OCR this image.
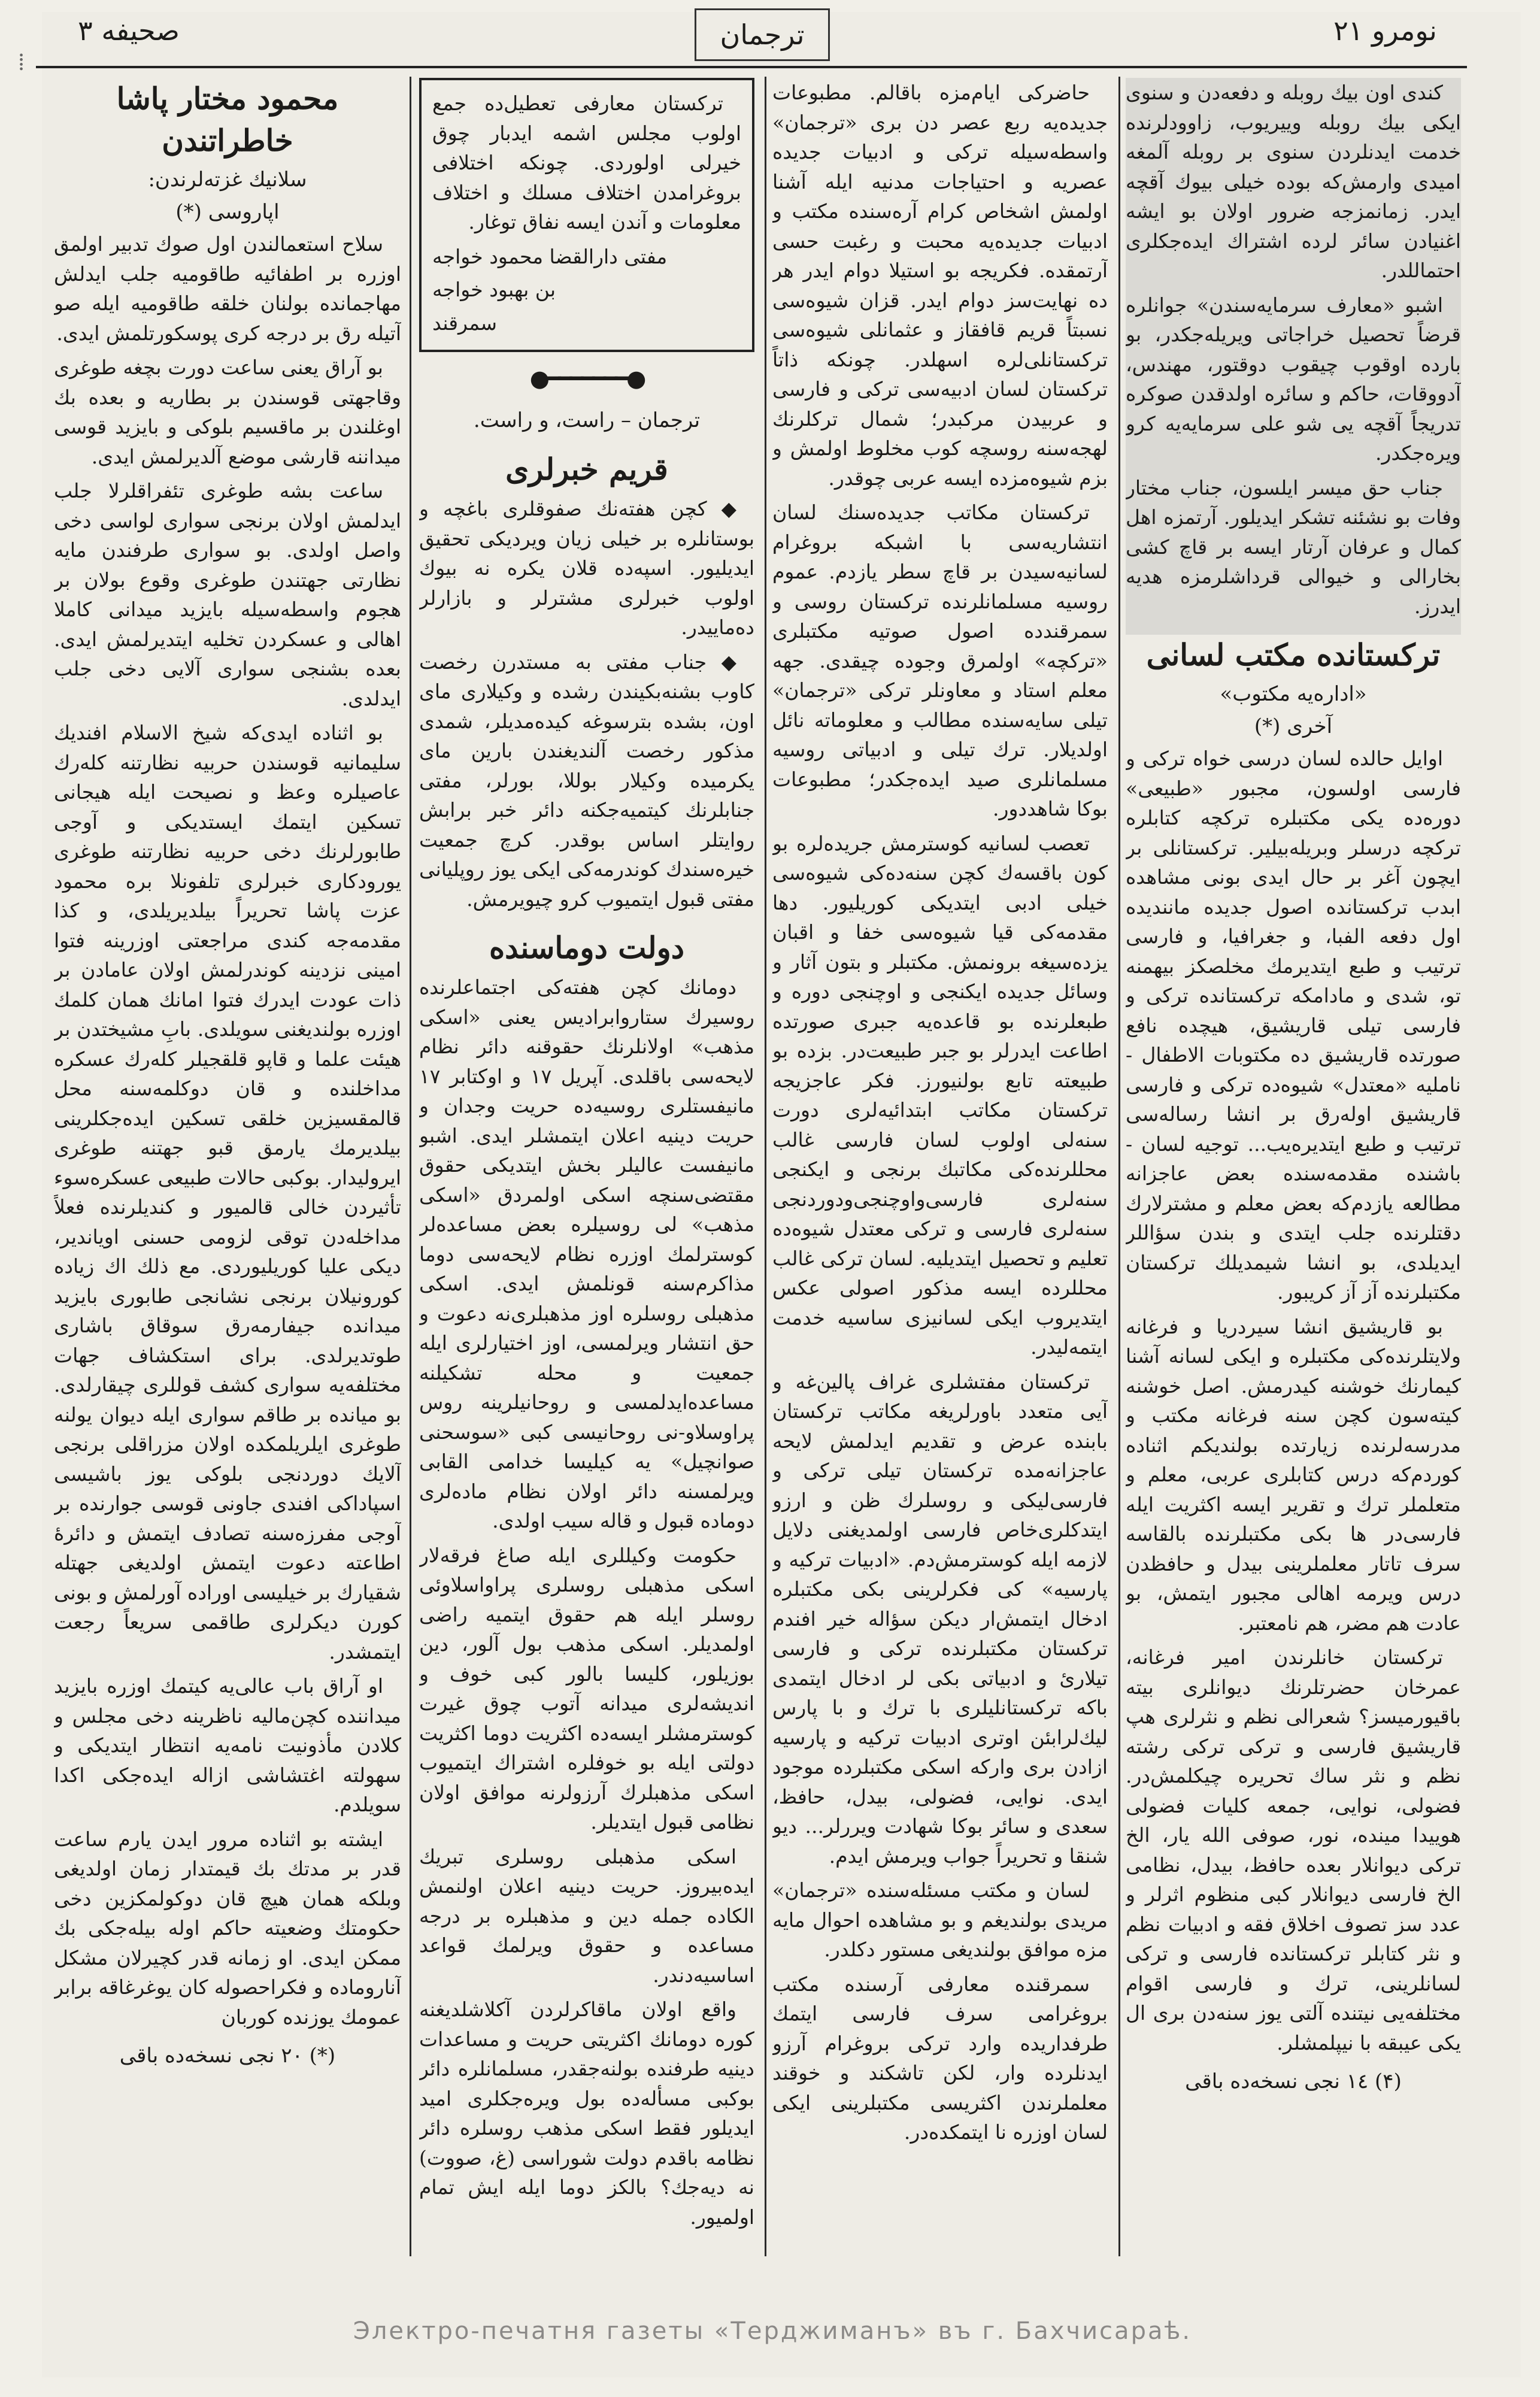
صحیفه ۳	ترجمان	نومرو ۲۱
⁞

کندی اون بیك روبله و دفعه‌دن و سنوی ایکی بیك روبله وییریوب، زاوودلرنده خدمت ایدنلردن سنوی بر روبله آلمغه امیدی وارمش‌که بوده خیلی بیوك آقچه ایدر. زمانمزجه ضرور اولان بو ایشه اغنیادن سائر لرده اشتراك ایده‌جکلری احتماللدر.

اشبو «معارف سرمایه‌سندن» جوانلره قرضاً تحصیل خراجاتی ویریله‌جکدر، بو بارده اوقوب چیقوب دوقتور، مهندس، آدووقات، حاکم و سائره اولدقدن صوکره تدریجاً آقچه یی شو علی سرمایه‌یه کرو ویره‌جکدر.

جناب حق میسر ایلسون، جناب مختار وفات بو نشئنه تشکر ایدیلور. آرتمزه اهل کمال و عرفان آرتار ایسه بر قاچ کشی بخارالی و خیوالی قرداشلرمزه هدیه ایدرز.

ترکستانده مکتب لسانی
«اداره‌یه مکتوب»
آخری (*)

اوایل حالده لسان درسی خواه ترکی و فارسی اولسون، مجبور «طبیعی» دوره‌ده یکی مکتبلره ترکچه کتابلره ترکچه درسلر وبریله‌بیلیر. ترکستانلی بر ایچون آغر بر حال ایدی بونی مشاهده ابدب ترکستانده اصول جدیده مانندیده اول دفعه الفبا، و جغرافیا، و فارسی ترتیب و طبع ایتدیرمك مخلصکز بیهمنه تو، شدی و مادامکه ترکستانده ترکی و فارسی تیلی قاریشیق، هیچده نافع صورتده قاریشیق ده مکتوبات الاطفال - ناملیه «معتدل» شیوه‌ده ترکی و فارسی قاریشیق اوله‌رق بر انشا رساله‌سی ترتیب و طبع ایتدیره‌یب... توجیه لسان - باشنده مقدمه‌سنده بعض عاجزانه مطالعه یازدم‌که بعض معلم و مشترلارك دقتلرنده جلب ایتدی و بندن سؤاللر ایدیلدی، بو انشا شیمدیلك ترکستان مکتبلرنده آز آز کریبور.

بو قاریشیق انشا سیردریا و فرغانه ولایتلرنده‌کی مکتبلره و ایکی لسانه آشنا کیمارنك خوشنه کیدرمش. اصل خوشنه کیته‌سون کچن سنه فرغانه مکتب و مدرسه‌لرنده زیارتده بولندیکم اثناده کوردم‌که درس کتابلری عربی، معلم و متعلملر ترك و تقریر ایسه اکثریت ایله فارسی‌در ها بکی مکتبلرنده بالقاسه سرف تاتار معلملرینی بیدل و حافظدن درس ویرمه اهالی مجبور ایتمش، بو عادت هم مضر، هم نامعتبر.

ترکستان خانلرندن امیر فرغانه، عمرخان حضرتلرنك دیوانلری بیته باقیورمیسز؟ شعرالی نظم و نثرلری هپ قاریشیق فارسی و ترکی ترکی رشته نظم و نثر ساك تحریره چیکلمش‌در. فضولی، نوایی، جمعه کلیات فضولی هوییدا مینده، نور، صوفی الله یار، الخ ترکی دیوانلار بعده حافظ، بیدل، نظامی الخ فارسی دیوانلار کبی منظوم اثرلر و عدد سز تصوف اخلاق فقه و ادبیات نظم و نثر کتابلر ترکستانده فارسی و ترکی لسانلرینی، ترك و فارسی اقوام مختلفه‌یی نیتنده آلتی یوز سنه‌دن بری ال یکی عیبقه با نیپلمشلر.

(۴) ١٤ نجی نسخه‌ده باقی

حاضرکی ایام‌مزه باقالم. مطبوعات جدیده‌یه ربع عصر دن بری «ترجمان» واسطه‌سیله ترکی و ادبیات جدیده عصریه و احتیاجات مدنیه ایله آشنا اولمش اشخاص کرام آره‌سنده مکتب و ادبیات جدیده‌یه محبت و رغبت حسی آرتمقده. فکریجه بو استیلا دوام ایدر هر ده نهایت‌سز دوام ایدر. قزان شیوه‌سی نسبتاً قریم قافقاز و عثمانلی شیوه‌سی ترکستانلی‌لره اسهلدر. چونکه ذاتاً ترکستان لسان ادبیه‌سی ترکی و فارسی و عربیدن مرکبدر؛ شمال ترکلرنك لهجه‌سنه روسچه کوب مخلوط اولمش و بزم شیوه‌مزده ایسه عربی چوقدر.

ترکستان مکاتب جدیده‌سنك لسان انتشاریه‌سی با اشبکه بروغرام لسانیه‌سیدن بر قاچ سطر یازدم. عموم روسیه مسلمانلرنده ترکستان روسی و سمرقند‌ده اصول صوتیه مکتبلری «ترکچه» اولمرق وجوده چیقدی. جهه معلم استاد و معاونلر ترکی «ترجمان» تیلی سایه‌سنده مطالب و معلوماته نائل اولدیلار. ترك تیلی و ادبیاتی روسیه مسلمانلری صید ایده‌جکدر؛ مطبوعات بوکا شاهددور.

تعصب لسانیه کوسترمش جریده‌لره بو کون باقسه‌ك کچن سنه‌ده‌کی شیوه‌سی خیلی ادبی ایتدیکی کوریلیور. دها مقدمه‌کی قیا شیوه‌سی خفا و اقبان یزده‌سیغه برونمش. مکتبلر و بتون آثار و وسائل جدیده ایکنجی و اوچنجی دوره و طبعلرنده بو قاعده‌یه جبری صورتده اطاعت ایدرلر بو جبر طبیعت‌در. بزده بو طبیعته تابع بولنیورز. فکر عاجزیجه ترکستان مکاتب ابتدائیه‌لری دورت سنه‌لی اولوب لسان فارسی غالب محللرنده‌کی مکاتبك برنجی و ایکنجی سنه‌لری فارسی‌واوچنجی‌ودوردنجی سنه‌لری فارسی و ترکی معتدل شیوه‌ده تعلیم و تحصیل ایتدیلیه. لسان ترکی غالب محللرده ایسه مذکور اصولی عکس ایتدیروب ایکی لسانیزی ساسیه خدمت ایتمه‌لیدر.

ترکستان مفتشلری غراف پالین‌غه و آیی متعدد باورلریغه مکاتب ترکستان بابنده عرض و تقدیم ایدلمش لایحه عاجزانه‌مده ترکستان تیلی ترکی و فارسی‌لیکی و روسلرك ظن و ارزو ایتدکلری‌خاص فارسی اولمدیغنی دلایل لازمه ایله کوسترمش‌دم. «ادبیات ترکیه و پارسیه» کی فکرلرینی بکی مکتبلره ادخال ایتمش‌ار دیکن سؤاله خیر افندم ترکستان مکتبلرنده ترکی و فارسی تیلارئ و ادبیاتی بکی لر ادخال ایتمدی باکه ترکستانلیلری با ترك و با پارس لیك‌لرابئن اوتری ادبیات ترکیه و پارسیه ازادن بری وارکه اسکی مکتبلرده موجود ایدی. نوایی، فضولی، بیدل، حافظ، سعدی و سائر بوکا شهادت ویررلر... دیو شنقا و تحریراً جواب ویرمش ایدم.

لسان و مکتب مسئله‌سنده «ترجمان» مریدی بولندیغم و بو مشاهده احوال مایه مزه موافق بولندیغی مستور دکلدر.

سمرقنده معارفی آرسنده مکتب بروغرامی سرف فارسی ایتمك طرفداریده وارد ترکی بروغرام آرزو ایدنلرده وار، لکن تاشکند و خوقند معلملرندن اکثریسی مکتبلرینی ایکی لسان اوزره نا ایتمکده‌در.

ترکستان معارفی تعطیل‌ده جمع اولوب مجلس اشمه ایدبار چوق خیرلی اولوردی. چونکه اختلافی بروغرامدن اختلاف مسلك و اختلاف معلومات و آندن ایسه نفاق توغار.

مفتی دارالقضا محمود خواجه
بن بهبود خواجه
سمرقند
●━━━━━━━●
ترجمان – راست، و راست.
قریم خبرلری

◆ کچن هفته‌نك صفوقلری باغچه و بوستانلره بر خیلی زیان ویردیکی تحقیق ایدیلیور. اسپه‌ده قلان یکره نه بیوك اولوب خبرلری مشترلر و بازارلر ده‌ماییدر.

◆ جناب مفتی به مستدرن رخصت کاوب بشنه‌بکیندن رشده و وکیلاری مای اون، بشده بترسوغه کیده‌مدیلر، شمدی مذکور رخصت آلندیغندن بارین مای یکرمیده وکیلار بوللا، بورلر، مفتی جنابلرنك کیتمیه‌جکنه دائر خبر برابش روایتلر اساس بوقدر. کرچ جمعیت خیره‌سندك کوندرمه‌کی ایکی یوز روپلیانی مفتی قبول ایتمیوب کرو چیویرمش.

دولت دوماسنده

دومانك کچن هفته‌کی اجتماعلرنده روسیرك ستاروابرادیس یعنی «اسکی مذهب» اولانلرنك حقوقنه دائر نظام لایحه‌سی باقلدی. آپریل ١٧ و اوکتابر ١٧ مانیفستلری روسیه‌ده حریت وجدان و حریت دینیه اعلان ایتمشلر ایدی. اشبو مانیفست عالیلر بخش ایتدیکی حقوق مقتضی‌سنچه اسکی اولمردق «اسکی مذهب» لی روسیلره بعض مساعده‌لر کوسترلمك اوزره نظام لایحه‌سی دوما مذاکرم‌سنه قونلمش ایدی. اسکی مذهبلی روسلره اوز مذهبلری‌نه دعوت و حق انتشار ویرلمسی، اوز اختیارلری ایله جمعیت و محله تشکیلنه مساعده‌ایدلمسی و روحانیلرینه روس پراوسلاو-نی روحانیسی کبی «سوسحنی صوانچیل» یه کیلیسا خدامی القابی ویرلمسنه دائر اولان نظام ماده‌لری دوماده قبول و قاله سیب اولدی.

حکومت وکیللری ایله صاغ فرقه‌لار اسکی مذهبلی روسلری پراواسلاوئی روسلر ایله هم حقوق ایتمیه راضی اولمدیلر. اسکی مذهب بول آلور، دین بوزیلور، کلیسا بالور کبی خوف و اندیشه‌لری میدانه آتوب چوق غیرت کوسترمشلر ایسه‌ده اکثریت دوما اکثریت دولتی ایله بو خوفلره اشتراك ایتمیوب اسکی مذهبلرك آرزولرنه موافق اولان نظامی قبول ایتدیلر.

اسکی مذهبلی روسلری تبریك ایده‌بیروز. حریت دینیه اعلان اولنمش الکاده جمله دین و مذهبلره بر درجه مساعده و حقوق ویرلمك قواعد اساسیه‌دندر.

واقع اولان ماقاکرلردن آکلاشلدیغنه کوره دومانك اکثریتی حریت و مساعدات دینیه طرفنده بولنه‌جقدر، مسلمانلره دائر بوکبی مسأله‌ده بول ویره‌جکلری امید ایدیلور فقط اسکی مذهب روسلره دائر نظامه باقدم دولت شوراسی (غ، صووت) نه دیه‌جك؟ بالکز دوما ایله ایش تمام اولمیور.

محمود مختار پاشا خاطراتندن
سلانیك غزته‌لرندن:
اپاروسی (*)

سلاح استعمالندن اول صوك تدبیر اولمق اوزره بر اطفائیه طاقومیه جلب ایدلش مهاجمانده بولنان خلقه طاقومیه ایله صو آتیله رق بر درجه کری پوسکورتلمش ایدی.

بو آراق یعنی ساعت دورت بچغه طوغری وقاجهتی قوسندن بر بطاریه و بعده بك اوغلندن بر ماقسیم بلوکی و بایزید قوسی میداننه قارشی موضع آلدیرلمش ایدی.

ساعت بشه طوغری تئفراقلرلا جلب ایدلمش اولان برنجی سواری لواسی دخی واصل اولدی. بو سواری طرفندن مایه نظارتی جهتندن طوغری وقوع بولان بر هجوم واسطه‌سیله بایزید میدانی کاملا اهالی و عسکردن تخلیه ایتدیرلمش ایدی. بعده بشنجی سواری آلایی دخی جلب ایدلدی.

بو اثناده ایدی‌که شیخ الاسلام افندیك سلیمانیه قوسندن حربیه نظارتنه کله‌رك عاصیلره وعظ و نصیحت ایله هیجانی تسکین ایتمك ایستدیکی و آوجی طابورلرنك دخی حربیه نظارتنه طوغری یورودکاری خبرلری تلفونلا بره محمود عزت پاشا تحریراً بیلدیریلدی، و کذا مقدمه‌جه کندی مراجعتی اوزرینه فتوا امینی نزدینه کوندرلمش اولان عامادن بر ذات عودت ایدرك فتوا امانك همان کلمك اوزره بولندیغنی سویلدی. بابِ مشیختدن بر هیئت علما و قاپو قلقجیلر کله‌رك عسکره مداخلنده و قان دوکلمه‌سنه محل قالمقسیزین خلقی تسکین ایده‌جکلرینی بیلدیرمك یارمق قبو جهتنه طوغری ایرولیدار. بوکبی حالات طبیعی عسکره‌سوء تأثیردن خالی قالمیور و کندیلرنده فعلاً مداخله‌دن توقی لزومی حسنی اویاندیر، دیکی علیا کوریلیوردی. مع ذلك اك زیاده کورونیلان برنجی نشانجی طابوری بایزید میدانده جیفارمه‌رق سوقاق باشاری طوتدیرلدی. برای استکشاف جهات مختلفه‌یه سواری کشف قوللری چیقارلدی. بو میانده بر طاقم سواری ایله دیوان یولنه طوغری ایلریلمکده اولان مزراقلی برنجی آلایك دوردنجی بلوکی یوز باشیسی اسپاداکی افندی جاونی قوسی جوارنده بر آوجی مفرزه‌سنه تصادف ایتمش و دائرهٔ اطاعته دعوت ایتمش اولدیغی جهتله شقیارك بر خیلیسی اوراده آورلمش و بونی کورن دیکرلری طاقمی سریعاً رجعت ایتمشدر.

او آراق باب عالی‌یه کیتمك اوزره بایزید میداننده کچن‌مالیه ناظرینه دخی مجلس و کلادن مأذونیت نامه‌یه انتظار ایتدیکی و سهولته اغتشاشی ازاله ایده‌جکی اکدا سویلدم.

ایشته بو اثناده مرور ایدن یارم ساعت قدر بر مدتك بك قیمتدار زمان اولدیغی وبلکه همان هیچ قان دوکولمکزین دخی حکومتك وضعیته حاکم اوله بیله‌جکی بك ممکن ایدی. او زمانه قدر کچیرلان مشکل آناروماده و فکراحصوله کان یوغرغاقه برابر عمومك یوزنده کوربان

(*) ٢٠ نجی نسخه‌ده باقی
Электро-печатня газеты «Терджиманъ» въ г. Бахчисараѣ.
